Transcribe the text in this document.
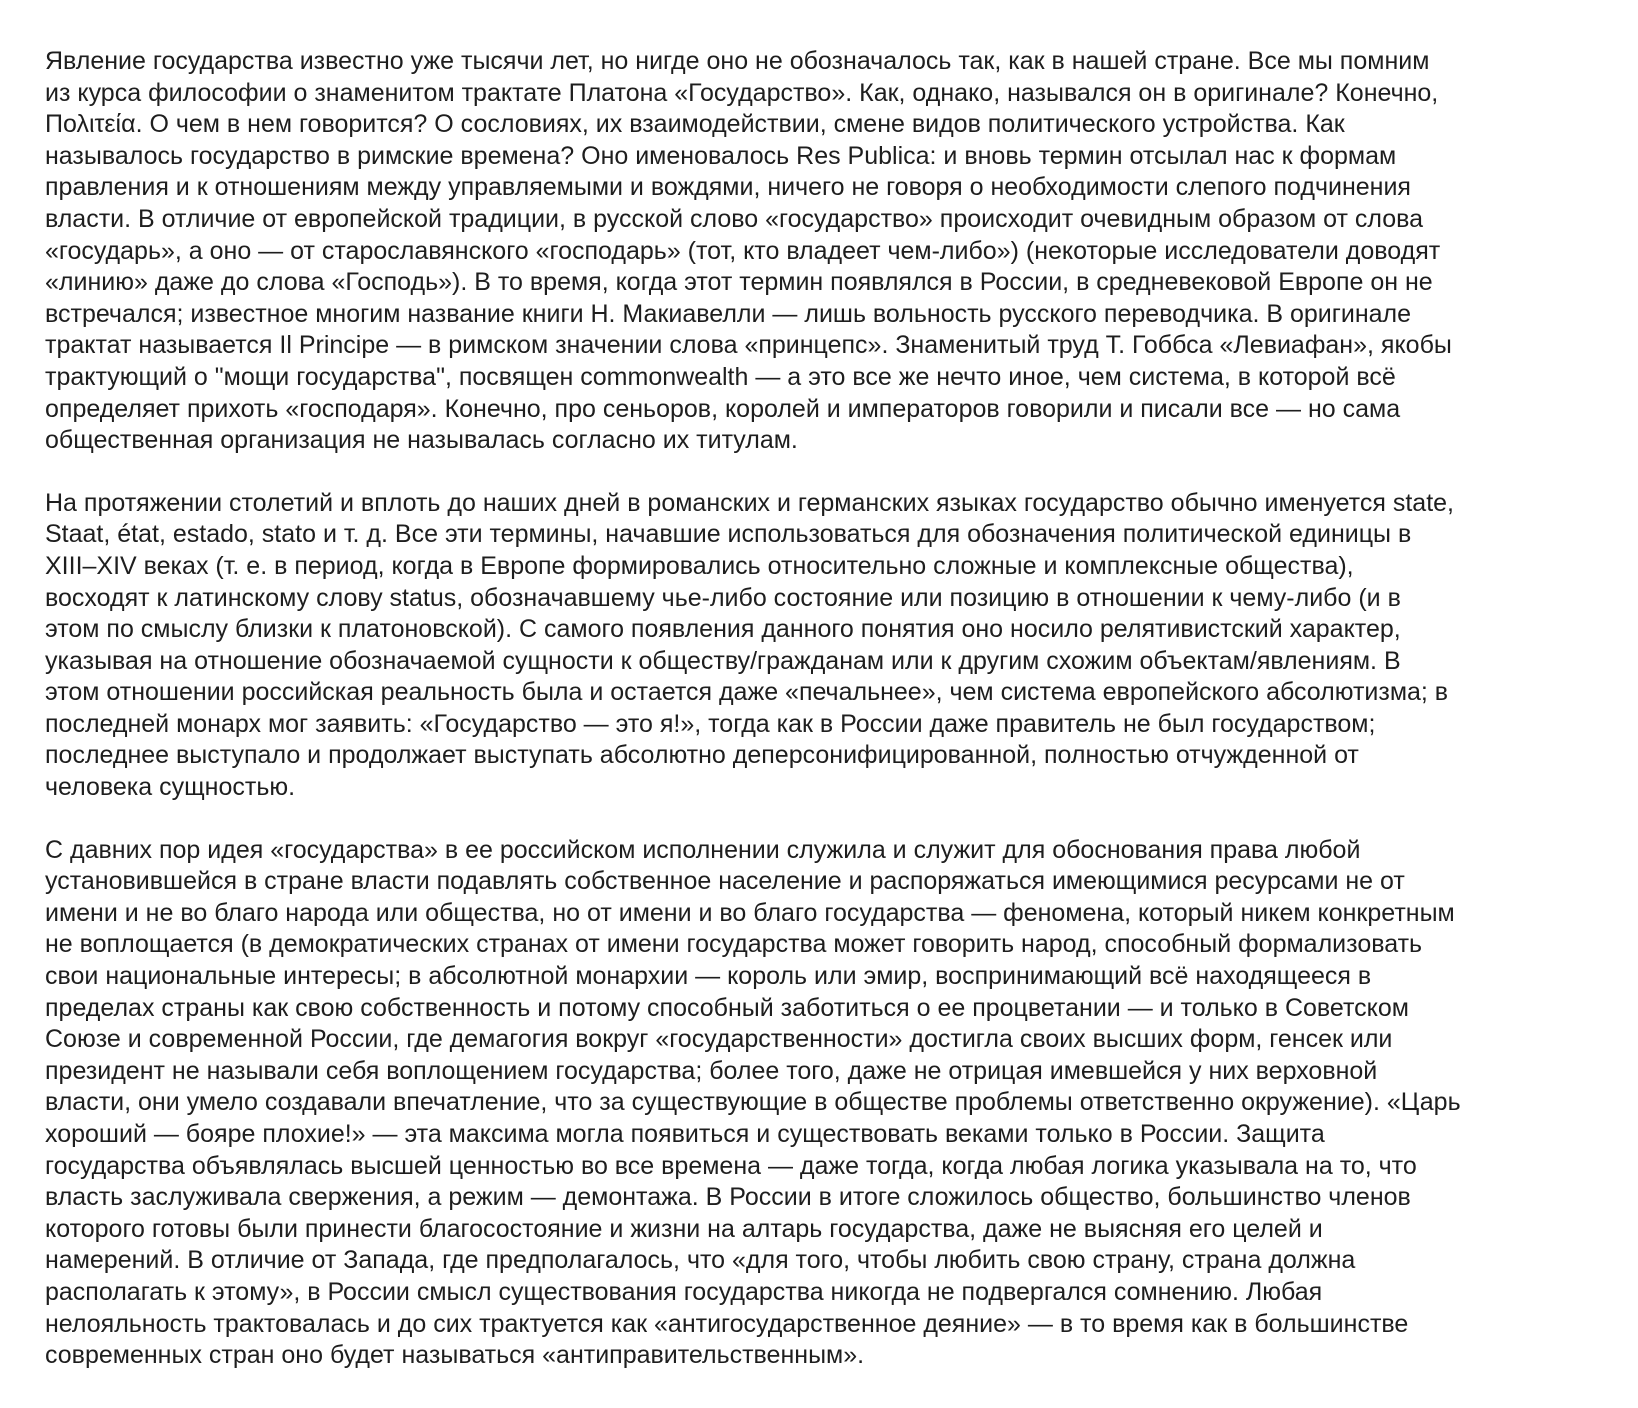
Явление государства известно уже тысячи лет, но нигде оно не обозначалось так, как в нашей стране. Все мы помним
из курса философии о знаменитом трактате Платона «Государство». Как, однако, назывался он в оригинале? Конечно,
Πολιτεία. О чем в нем говорится? О сословиях, их взаимодействии, смене видов политического устройства. Как
называлось государство в римские времена? Оно именовалось Res Publica: и вновь термин отсылал нас к формам
правления и к отношениям между управляемыми и вождями, ничего не говоря о необходимости слепого подчинения
власти. В отличие от европейской традиции, в русской слово «государство» происходит очевидным образом от слова
«государь», а оно — от старославянского «господарь» (тот, кто владеет чем-либо») (некоторые исследователи доводят
«линию» даже до слова «Господь»). В то время, когда этот термин появлялся в России, в средневековой Европе он не
встречался; известное многим название книги Н. Макиавелли — лишь вольность русского переводчика. В оригинале
трактат называется Il Principe — в римском значении слова «принцепс». Знаменитый труд Т. Гоббса «Левиафан», якобы
трактующий о "мощи государства", посвящен commonwealth — а это все же нечто иное, чем система, в которой всё
определяет прихоть «господаря». Конечно, про сеньоров, королей и императоров говорили и писали все — но сама
общественная организация не называлась согласно их титулам.

На протяжении столетий и вплоть до наших дней в романских и германских языках государство обычно именуется state,
Staat, état, estado, stato и т. д. Все эти термины, начавшие использоваться для обозначения политической единицы в
XIII–XIV веках (т. е. в период, когда в Европе формировались относительно сложные и комплексные общества),
восходят к латинскому слову status, обозначавшему чье-либо состояние или позицию в отношении к чему-либо (и в
этом по смыслу близки к платоновской). С самого появления данного понятия оно носило релятивистский характер,
указывая на отношение обозначаемой сущности к обществу/гражданам или к другим схожим объектам/явлениям. В
этом отношении российская реальность была и остается даже «печальнее», чем система европейского абсолютизма; в
последней монарх мог заявить: «Государство — это я!», тогда как в России даже правитель не был государством;
последнее выступало и продолжает выступать абсолютно деперсонифицированной, полностью отчужденной от
человека сущностью.

С давних пор идея «государства» в ее российском исполнении служила и служит для обоснования права любой
установившейся в стране власти подавлять собственное население и распоряжаться имеющимися ресурсами не от
имени и не во благо народа или общества, но от имени и во благо государства — феномена, который никем конкретным
не воплощается (в демократических странах от имени государства может говорить народ, способный формализовать
свои национальные интересы; в абсолютной монархии — король или эмир, воспринимающий всё находящееся в
пределах страны как свою собственность и потому способный заботиться о ее процветании — и только в Советском
Союзе и современной России, где демагогия вокруг «государственности» достигла своих высших форм, генсек или
президент не называли себя воплощением государства; более того, даже не отрицая имевшейся у них верховной
власти, они умело создавали впечатление, что за существующие в обществе проблемы ответственно окружение). «Царь
хороший — бояре плохие!» — эта максима могла появиться и существовать веками только в России. Защита
государства объявлялась высшей ценностью во все времена — даже тогда, когда любая логика указывала на то, что
власть заслуживала свержения, а режим — демонтажа. В России в итоге сложилось общество, большинство членов
которого готовы были принести благосостояние и жизни на алтарь государства, даже не выясняя его целей и
намерений. В отличие от Запада, где предполагалось, что «для того, чтобы любить свою страну, страна должна
располагать к этому», в России смысл существования государства никогда не подвергался сомнению. Любая
нелояльность трактовалась и до сих трактуется как «антигосударственное деяние» — в то время как в большинстве
современных стран оно будет называться «антиправительственным».
